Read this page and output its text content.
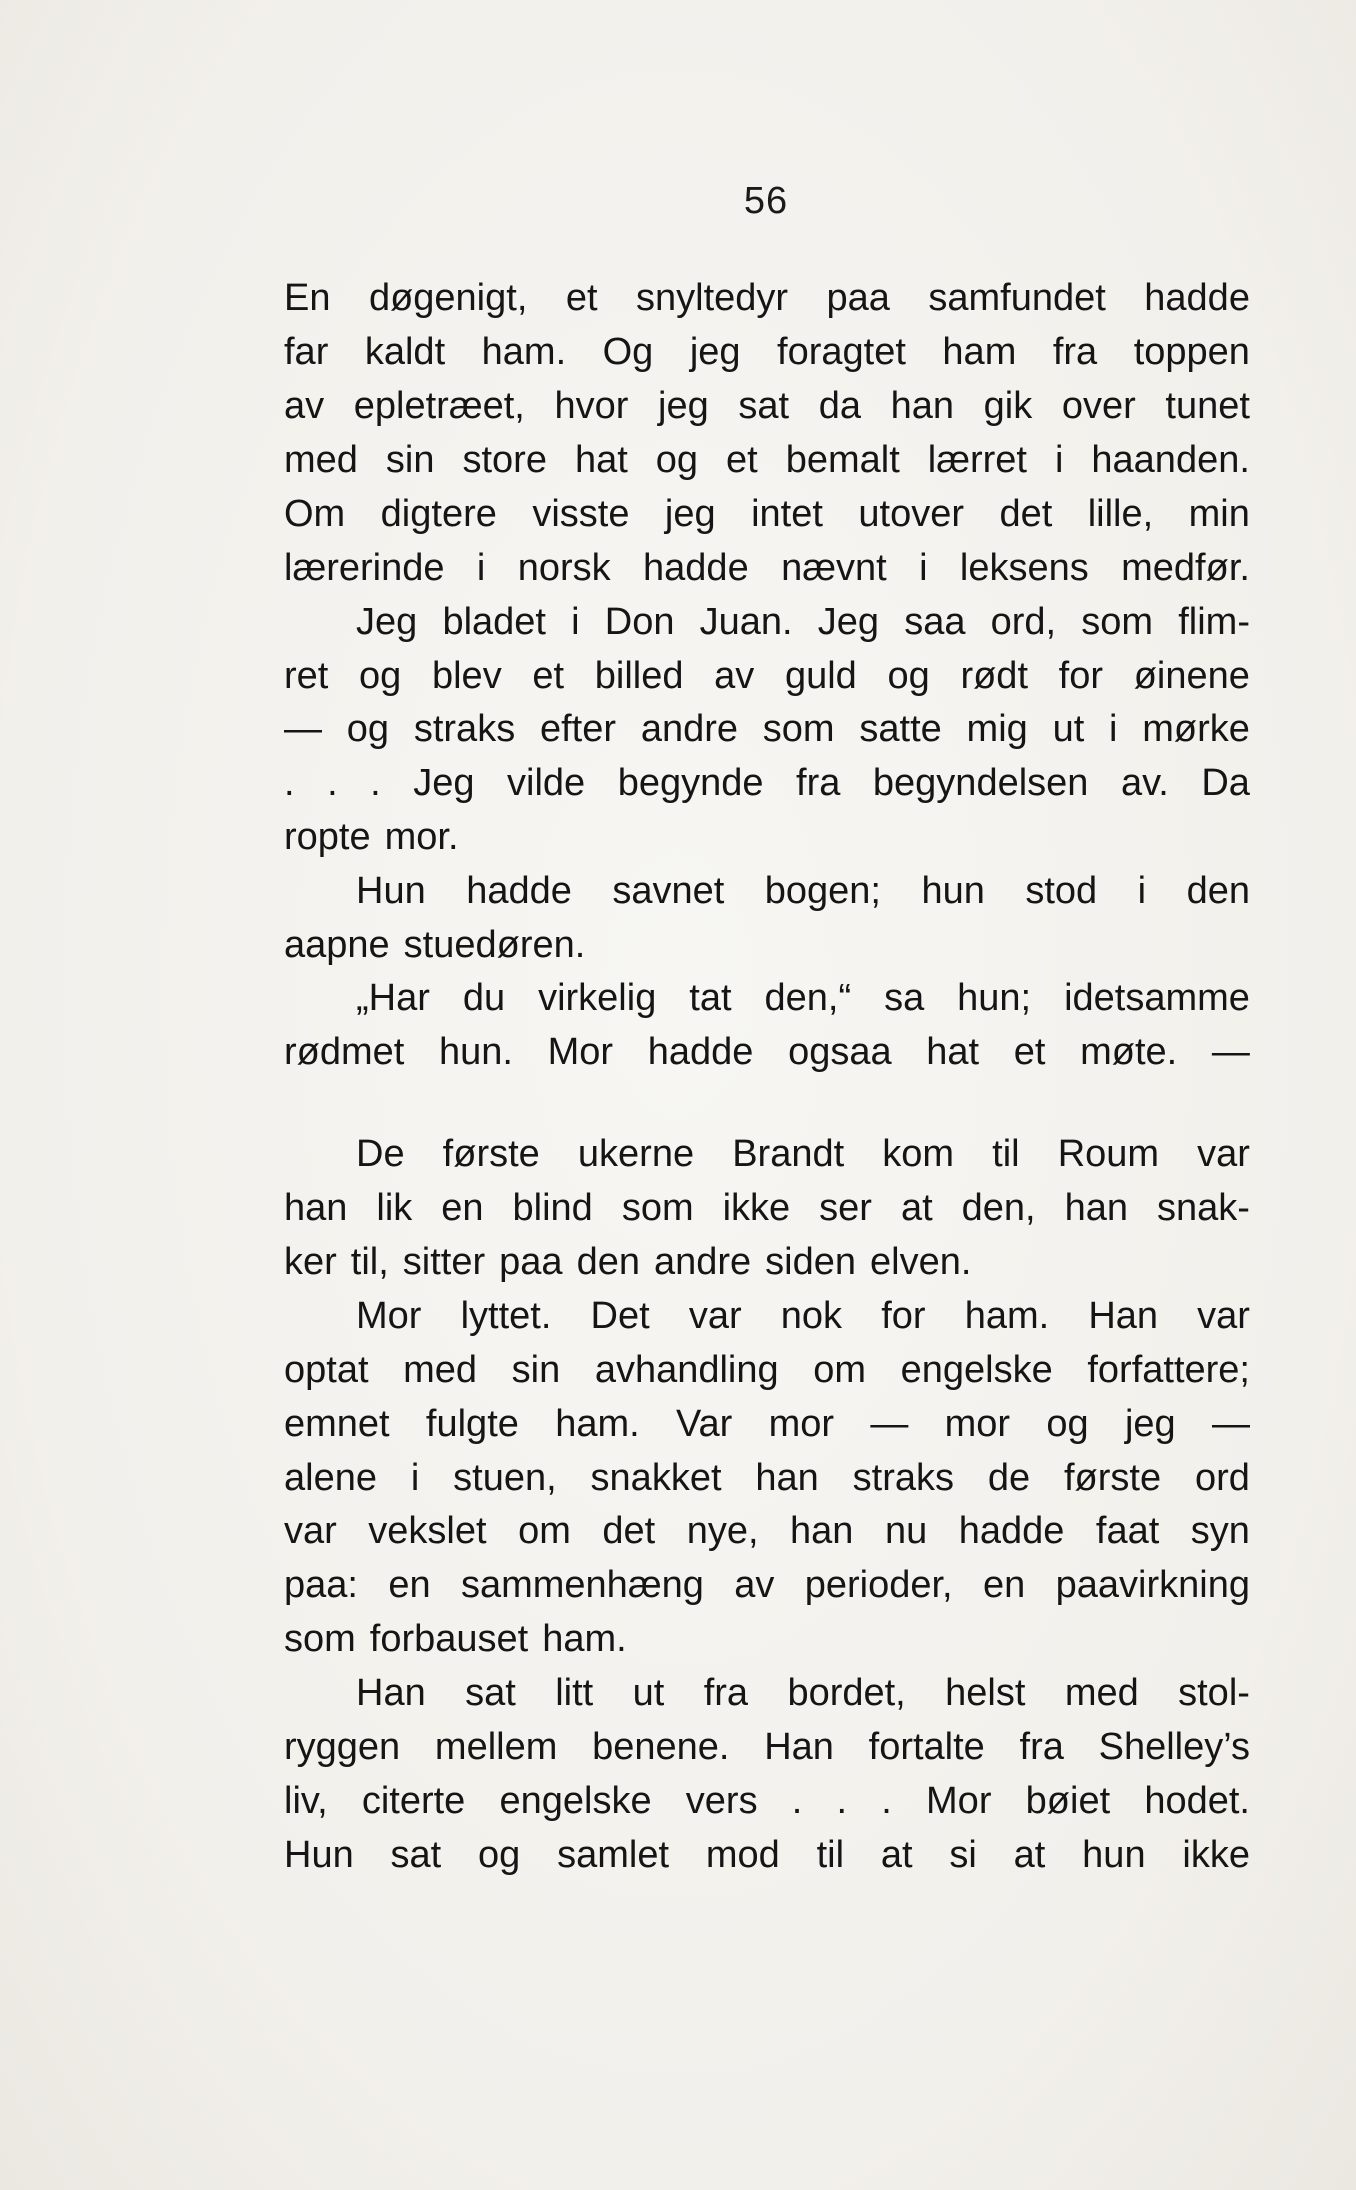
56
En døgenigt, et snyltedyr paa samfundet hadde
far kaldt ham. Og jeg foragtet ham fra toppen
av epletræet, hvor jeg sat da han gik over tunet
med sin store hat og et bemalt lærret i haanden.
Om digtere visste jeg intet utover det lille, min
lærerinde i norsk hadde nævnt i leksens medfør.
Jeg bladet i Don Juan. Jeg saa ord, som flim-
ret og blev et billed av guld og rødt for øinene
— og straks efter andre som satte mig ut i mørke
. . . Jeg vilde begynde fra begyndelsen av. Da
ropte mor.
Hun hadde savnet bogen; hun stod i den
aapne stuedøren.
„Har du virkelig tat den,“ sa hun; idetsamme
rødmet hun. Mor hadde ogsaa hat et møte. —
De første ukerne Brandt kom til Roum var
han lik en blind som ikke ser at den, han snak-
ker til, sitter paa den andre siden elven.
Mor lyttet. Det var nok for ham. Han var
optat med sin avhandling om engelske forfattere;
emnet fulgte ham. Var mor — mor og jeg —
alene i stuen, snakket han straks de første ord
var vekslet om det nye, han nu hadde faat syn
paa: en sammenhæng av perioder, en paavirkning
som forbauset ham.
Han sat litt ut fra bordet, helst med stol-
ryggen mellem benene. Han fortalte fra Shelley’s
liv, citerte engelske vers . . . Mor bøiet hodet.
Hun sat og samlet mod til at si at hun ikke
